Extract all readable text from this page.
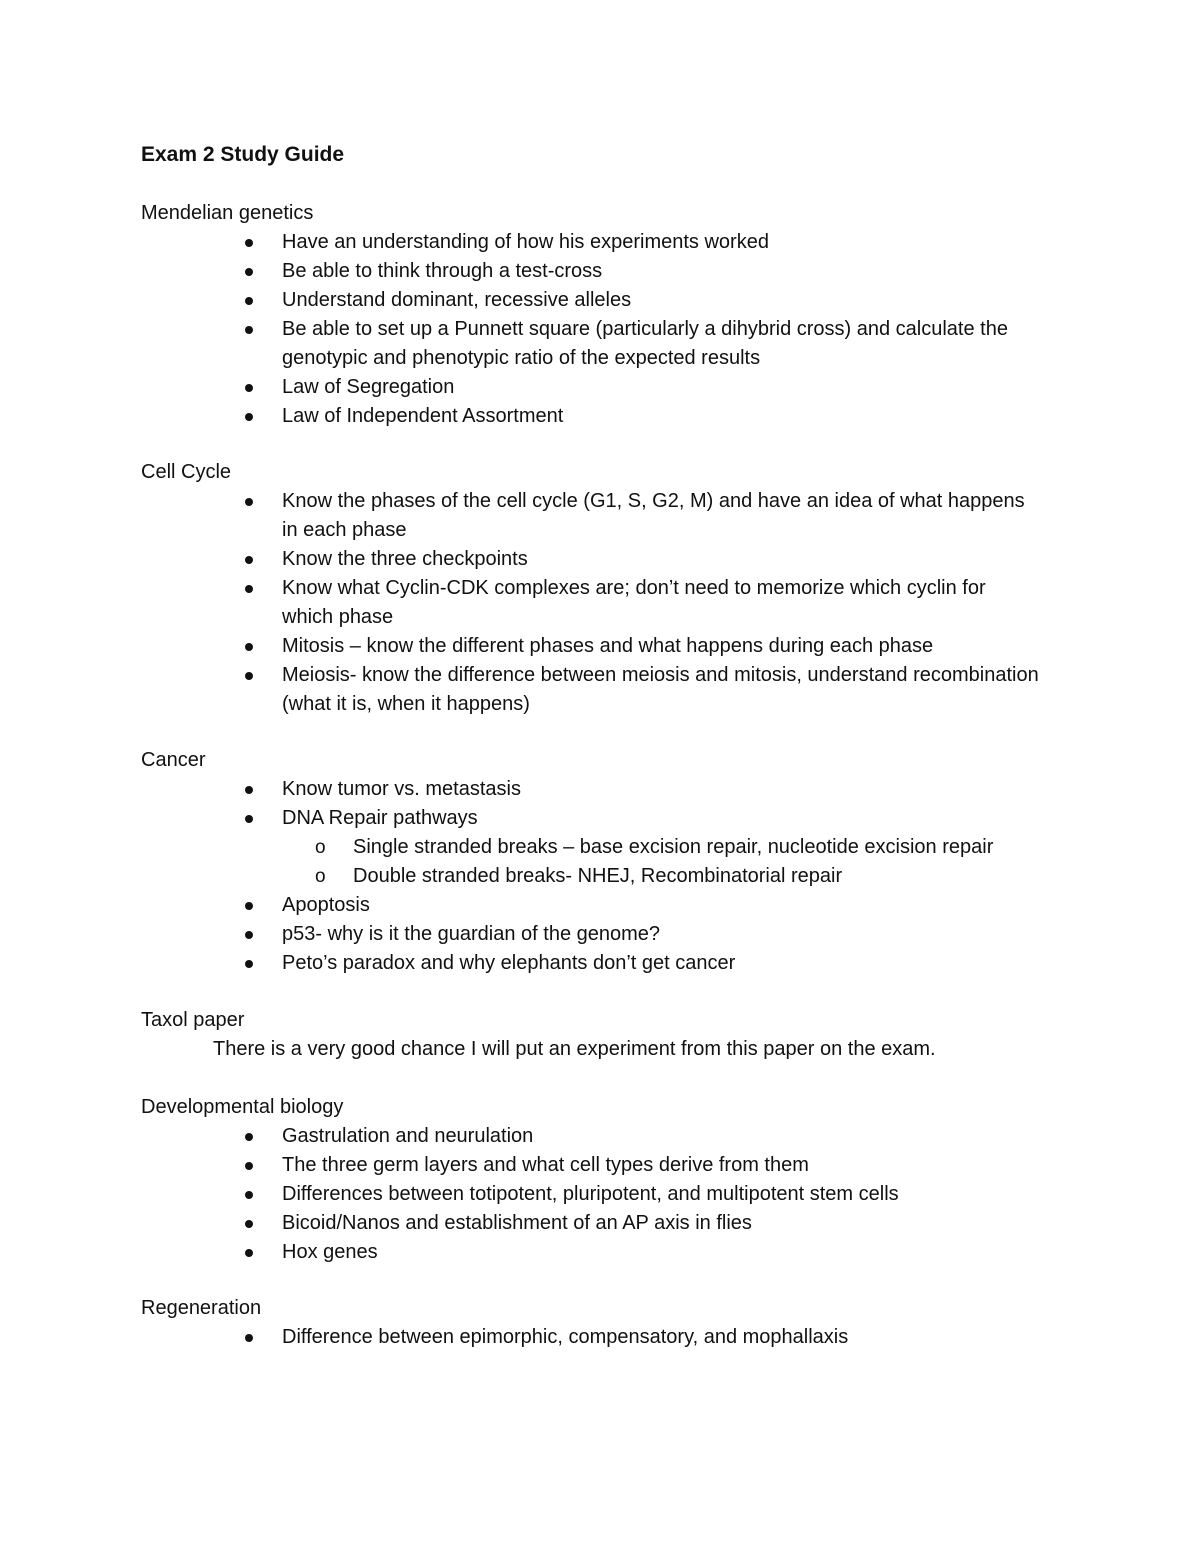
Exam 2 Study Guide
Mendelian genetics
Have an understanding of how his experiments worked
Be able to think through a test-cross
Understand dominant, recessive alleles
Be able to set up a Punnett square (particularly a dihybrid cross) and calculate the genotypic and phenotypic ratio of the expected results
Law of Segregation
Law of Independent Assortment
Cell Cycle
Know the phases of the cell cycle (G1, S, G2, M) and have an idea of what happens in each phase
Know the three checkpoints
Know what Cyclin-CDK complexes are; don’t need to memorize which cyclin for which phase
Mitosis – know the different phases and what happens during each phase
Meiosis- know the difference between meiosis and mitosis, understand recombination (what it is, when it happens)
Cancer
Know tumor vs. metastasis
DNA Repair pathways
o Single stranded breaks – base excision repair, nucleotide excision repair
o Double stranded breaks- NHEJ, Recombinatorial repair
Apoptosis
p53- why is it the guardian of the genome?
Peto’s paradox and why elephants don’t get cancer
Taxol paper
There is a very good chance I will put an experiment from this paper on the exam.
Developmental biology
Gastrulation and neurulation
The three germ layers and what cell types derive from them
Differences between totipotent, pluripotent, and multipotent stem cells
Bicoid/Nanos and establishment of an AP axis in flies
Hox genes
Regeneration
Difference between epimorphic, compensatory, and mophallaxis
